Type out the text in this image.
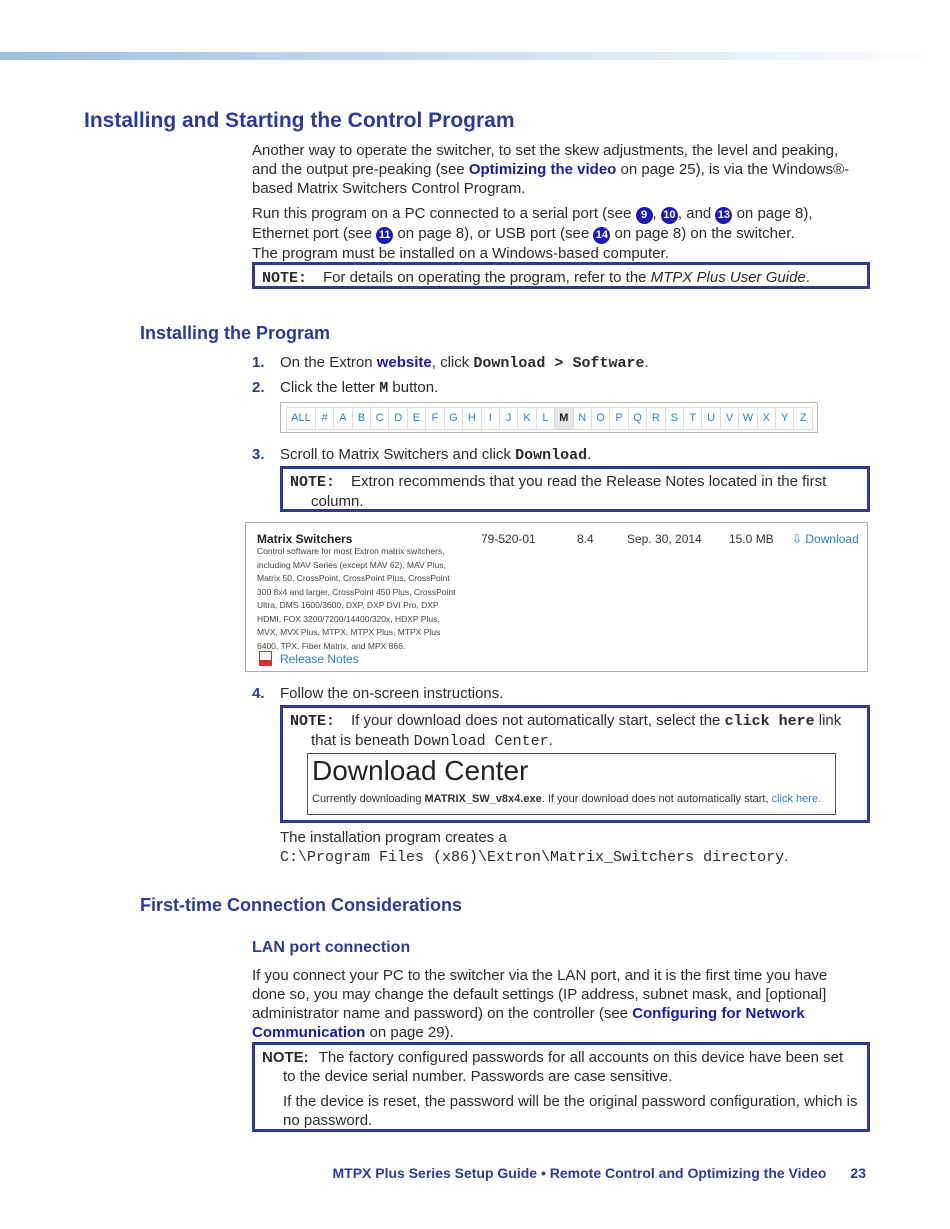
Installing and Starting the Control Program

Another way to operate the switcher, to set the skew adjustments, the level and peaking, and the output pre-peaking (see Optimizing the video on page 25), is via the Windows®-based Matrix Switchers Control Program.

Run this program on a PC connected to a serial port (see 9 , 10 , and 13 on page 8), Ethernet port (see 11 on page 8), or USB port (see 14 on page 8) on the switcher.
The program must be installed on a Windows-based computer.

NOTE: For details on operating the program, refer to the MTPX Plus User Guide.

Installing the Program
1. On the Extron website, click Download > Software.
2. Click the letter M button.
ALL #	A	B C D E	F G H	I	J	K	L M N O P Q R S	T	U V W X	Y	Z
3. Scroll to Matrix Switchers and click Download.

NOTE: Extron recommends that you read the Release Notes located in the first column.

Matrix Switchers
Control software for most Extron matrix switchers, including MAV Series (except MAV 62), MAV Plus, Matrix 50, CrossPoint, CrossPoint Plus, CrossPoint 300 8x4 and larger, CrossPoint 450 Plus, CrossPoint Ultra, DMS 1600/3600, DXP, DXP DVI Pro, DXP HDMI, FOX 3200/7200/14400/320x, HDXP Plus, MVX, MVX Plus, MTPX, MTPX Plus, MTPX Plus 6400, TPX, Fiber Matrix, and MPX 866.
79-520-01	8.4	Sep. 30, 2014 15.0 MB ⇩ Download
Release Notes
4. Follow the on-screen instructions.

NOTE: If your download does not automatically start, select the click here link that is beneath Download Center.

Download Center
Currently downloading MATRIX_SW_v8x4.exe. If your download does not automatically start, click here.

The installation program creates a
C:\Program Files (x86)\Extron\Matrix_Switchers directory.

First-time Connection Considerations
LAN port connection

If you connect your PC to the switcher via the LAN port, and it is the first time you have done so, you may change the default settings (IP address, subnet mask, and [optional] administrator name and password) on the controller (see Configuring for Network Communication on page 29).

NOTE: The factory configured passwords for all accounts on this device have been set to the device serial number. Passwords are case sensitive.

If the device is reset, the password will be the original password configuration, which is no password.

MTPX Plus Series Setup Guide • Remote Control and Optimizing the Video 23
